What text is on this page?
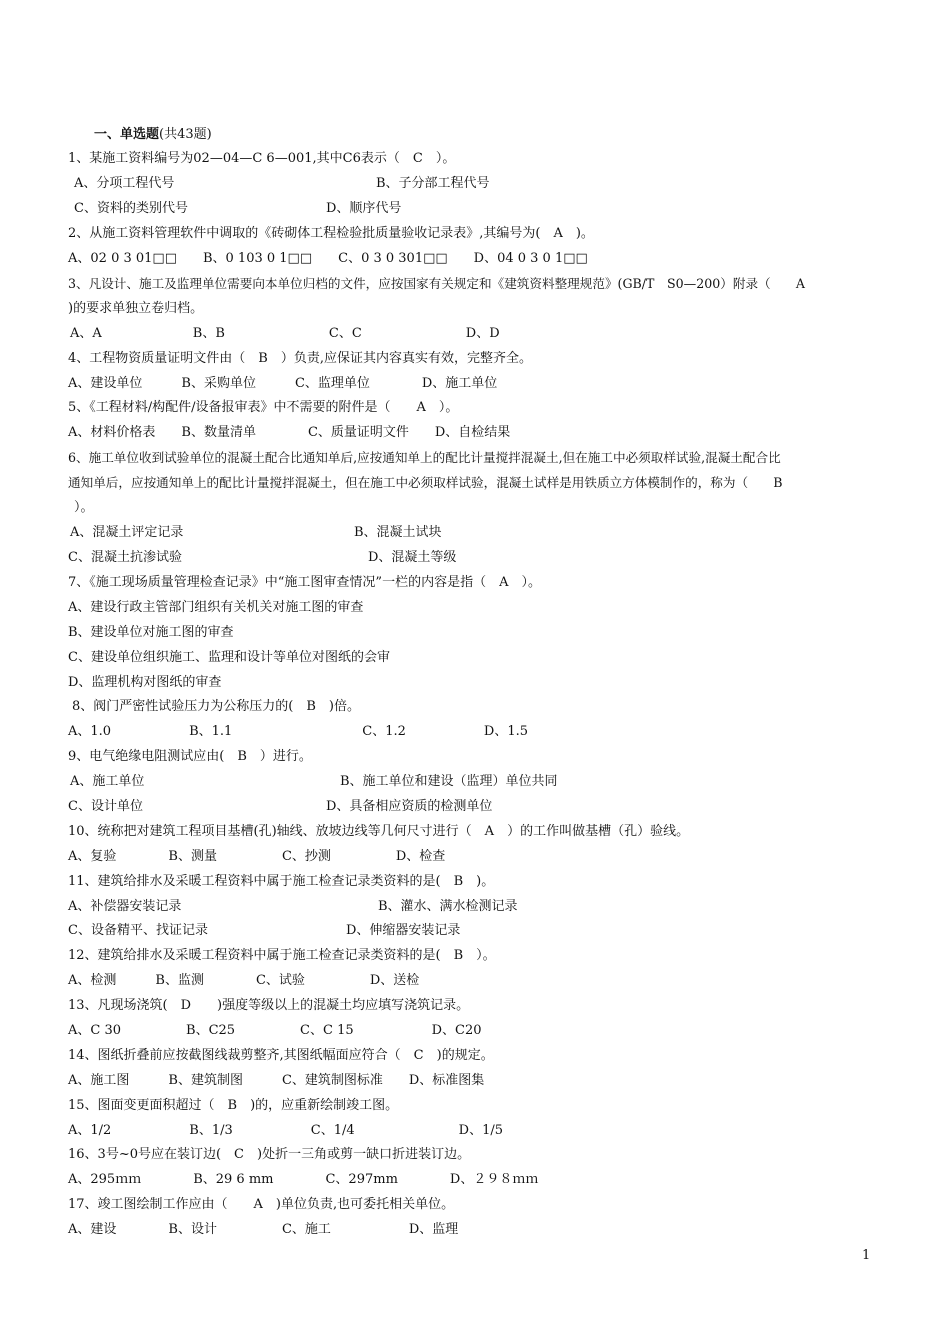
一、单选题(共43题)
1、某施工资料编号为02—04—C 6—001,其中C6表示（　C　）。
A、分项工程代号	B、子分部工程代号
C、资料的类别代号	D、顺序代号
2、从施工资料管理软件中调取的《砖砌体工程检验批质量验收记录表》,其编号为(　A　)。
A、02 0 3 01□□　　B、0 103 0 1□□　　C、0 3 0 301□□　　D、04 0 3 0 1□□
3、凡设计、施工及监理单位需要向本单位归档的文件，应按国家有关规定和《建筑资料整理规范》(GB/T　S0—200）附录（　　A
)的要求单独立卷归档。
A、A　　　　　　　B、B　　　　　　　　C、C　　　　　　　　D、D
4、工程物资质量证明文件由（　B　）负责,应保证其内容真实有效，完整齐全。
A、建设单位　　　B、采购单位　　　C、监理单位　　　　D、施工单位
5、《工程材料/构配件/设备报审表》中不需要的附件是（　　A　）。
A、材料价格表　　B、数量清单　　　　C、质量证明文件　　D、自检结果
6、施工单位收到试验单位的混凝土配合比通知单后,应按通知单上的配比计量搅拌混凝土,但在施工中必须取样试验,混凝土配合比
通知单后，应按通知单上的配比计量搅拌混凝土，但在施工中必须取样试验，混凝土试样是用铁质立方体模制作的，称为（　　B
）。
A、混凝土评定记录	B、混凝土试块
C、混凝土抗渗试验	D、混凝土等级
7、《施工现场质量管理检查记录》中“施工图审查情况”一栏的内容是指（　A　）。
A、建设行政主管部门组织有关机关对施工图的审查
B、建设单位对施工图的审查
C、建设单位组织施工、监理和设计等单位对图纸的会审
D、监理机构对图纸的审查
8、阀门严密性试验压力为公称压力的(　B　)倍。
A、1.0　　　　　　B、1.1　　　　　　　　　　C、1.2　　　　　　D、1.5
9、电气绝缘电阻测试应由(　B　）进行。
A、施工单位	B、施工单位和建设（监理）单位共同
C、设计单位	D、具备相应资质的检测单位
10、统称把对建筑工程项目基槽(孔)轴线、放坡边线等几何尺寸进行（　A　）的工作叫做基槽（孔）验线。
A、复验　　　　B、测量　　　　　C、抄测　　　　　D、检查
11、建筑给排水及采暖工程资料中属于施工检查记录类资料的是(　B　)。
A、补偿器安装记录	B、灌水、满水检测记录
C、设备精平、找证记录	D、伸缩器安装记录
12、建筑给排水及采暖工程资料中属于施工检查记录类资料的是(　B　）。
A、检测　　　B、监测　　　　C、试验　　　　　D、送检
13、凡现场浇筑(　D　　)强度等级以上的混凝土均应填写浇筑记录。
A、C 30　　　　　B、C25　　　　　C、C 15　　　　　　D、C20
14、图纸折叠前应按截图线裁剪整齐,其图纸幅面应符合（　C　)的规定。
A、施工图　　　B、建筑制图　　　C、建筑制图标准　　D、标准图集
15、图面变更面积超过（　B　)的，应重新绘制竣工图。
A、1/2　　　　　　B、1/3　　　　　　C、1/4　　　　　　　　D、1/5
16、3号~0号应在装订边(　C　)处折一三角或剪一缺口折进装订边。
A、295ｍｍ　　　　B、29 6 mm　　　　C、297mm　　　　D、２９８ｍｍ
17、竣工图绘制工作应由（　　A　)单位负责,也可委托相关单位。
A、建设　　　　B、设计　　　　　C、施工　　　　　　D、监理
1
